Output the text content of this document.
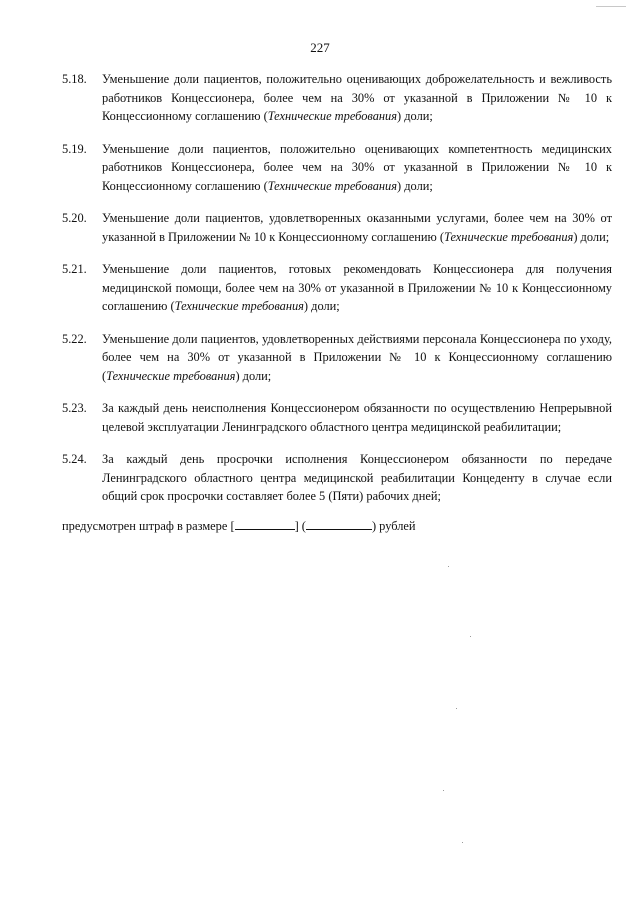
227
5.18.	Уменьшение доли пациентов, положительно оценивающих доброжелательность и вежливость работников Концессионера, более чем на 30% от указанной в Приложении № 10 к Концессионному соглашению (Технические требования) доли;
5.19.	Уменьшение доли пациентов, положительно оценивающих компетентность медицинских работников Концессионера, более чем на 30% от указанной в Приложении № 10 к Концессионному соглашению (Технические требования) доли;
5.20.	Уменьшение доли пациентов, удовлетворенных оказанными услугами, более чем на 30% от указанной в Приложении № 10 к Концессионному соглашению (Технические требования) доли;
5.21.	Уменьшение доли пациентов, готовых рекомендовать Концессионера для получения медицинской помощи, более чем на 30% от указанной в Приложении № 10 к Концессионному соглашению (Технические требования) доли;
5.22.	Уменьшение доли пациентов, удовлетворенных действиями персонала Концессионера по уходу, более чем на 30% от указанной в Приложении № 10 к Концессионному соглашению (Технические требования) доли;
5.23.	За каждый день неисполнения Концессионером обязанности по осуществлению Непрерывной целевой эксплуатации Ленинградского областного центра медицинской реабилитации;
5.24.	За каждый день просрочки исполнения Концессионером обязанности по передаче Ленинградского областного центра медицинской реабилитации Концеденту в случае если общий срок просрочки составляет более 5 (Пяти) рабочих дней;
предусмотрен штраф в размере [	] (	) рублей
